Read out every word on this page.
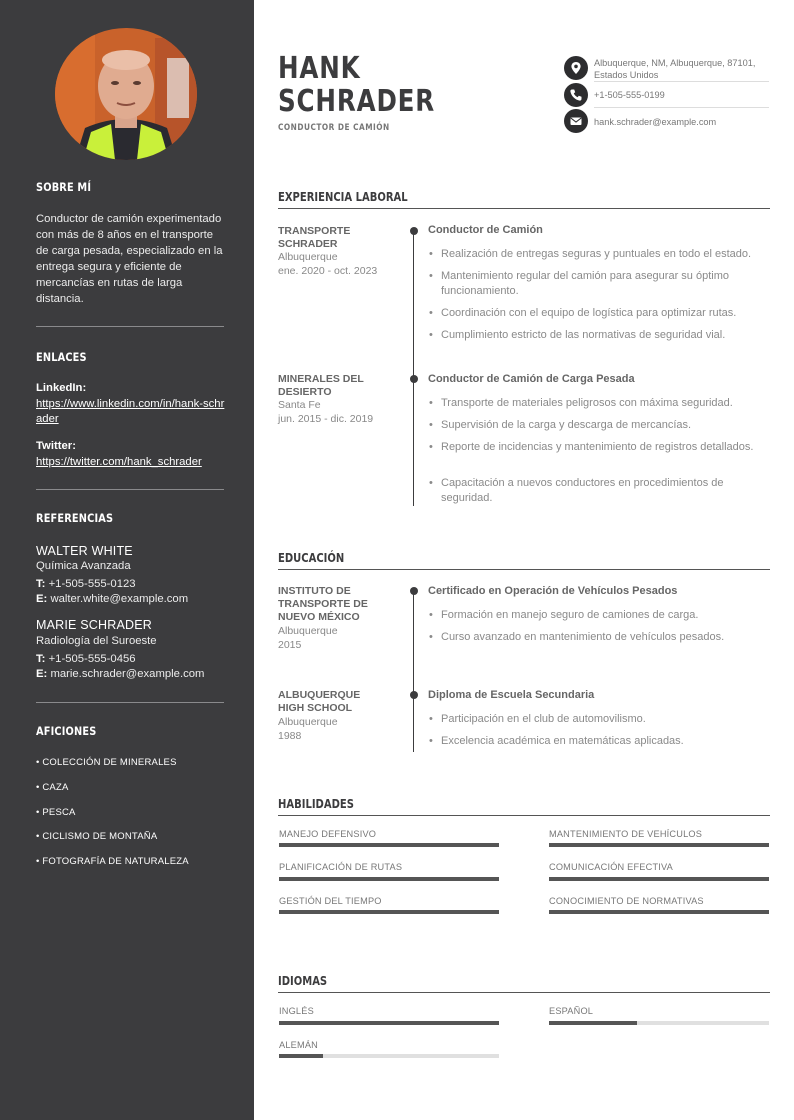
SOBRE MÍ
Conductor de camión experimentado con más de 8 años en el transporte de carga pesada, especializado en la entrega segura y eficiente de mercancías en rutas de larga distancia.
ENLACES
LinkedIn:
https://www.linkedin.com/in/hank-schrader
Twitter:
https://twitter.com/hank_schrader
REFERENCIAS
WALTER WHITE
Química Avanzada
T: +1-505-555-0123
E: walter.white@example.com
MARIE SCHRADER
Radiología del Suroeste
T: +1-505-555-0456
E: marie.schrader@example.com
AFICIONES
• COLECCIÓN DE MINERALES
• CAZA
• PESCA
• CICLISMO DE MONTAÑA
• FOTOGRAFÍA DE NATURALEZA
HANK
SCHRADER
CONDUCTOR DE CAMIÓN
Albuquerque, NM, Albuquerque, 87101, Estados Unidos
+1-505-555-0199
hank.schrader@example.com
EXPERIENCIA LABORAL
TRANSPORTE SCHRADER
Albuquerque
ene. 2020 - oct. 2023
Conductor de Camión
• Realización de entregas seguras y puntuales en todo el estado.
• Mantenimiento regular del camión para asegurar su óptimo funcionamiento.
• Coordinación con el equipo de logística para optimizar rutas.
• Cumplimiento estricto de las normativas de seguridad vial.
MINERALES DEL DESIERTO
Santa Fe
jun. 2015 - dic. 2019
Conductor de Camión de Carga Pesada
• Transporte de materiales peligrosos con máxima seguridad.
• Supervisión de la carga y descarga de mercancías.
• Reporte de incidencias y mantenimiento de registros detallados.
• Capacitación a nuevos conductores en procedimientos de seguridad.
EDUCACIÓN
INSTITUTO DE TRANSPORTE DE NUEVO MÉXICO
Albuquerque
2015
Certificado en Operación de Vehículos Pesados
• Formación en manejo seguro de camiones de carga.
• Curso avanzado en mantenimiento de vehículos pesados.
ALBUQUERQUE HIGH SCHOOL
Albuquerque
1988
Diploma de Escuela Secundaria
• Participación en el club de automovilismo.
• Excelencia académica en matemáticas aplicadas.
HABILIDADES
MANEJO DEFENSIVO	MANTENIMIENTO DE VEHÍCULOS
PLANIFICACIÓN DE RUTAS	COMUNICACIÓN EFECTIVA
GESTIÓN DEL TIEMPO	CONOCIMIENTO DE NORMATIVAS
IDIOMAS
INGLÉS	ESPAÑOL
ALEMÁN
